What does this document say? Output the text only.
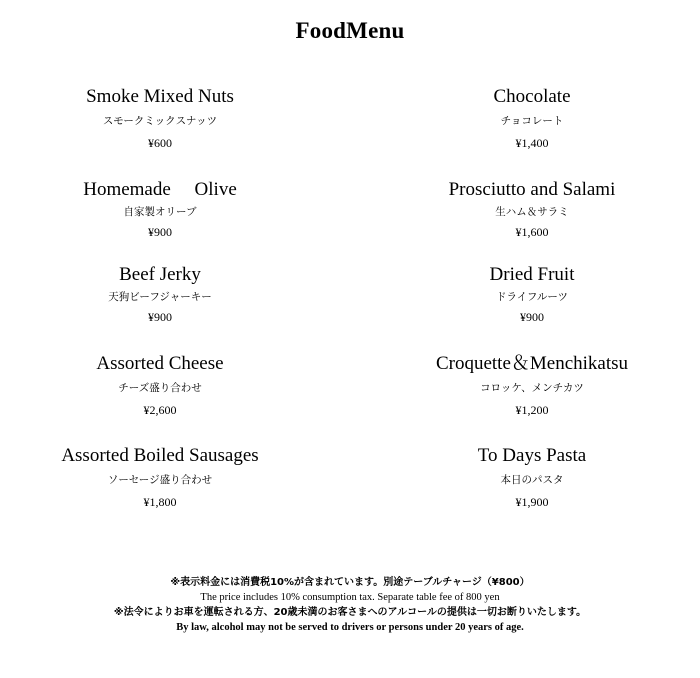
FoodMenu
Smoke Mixed Nuts
スモークミックスナッツ
¥600
Homemade　 Olive
自家製オリーブ
¥900
Beef Jerky
天狗ビーフジャーキー
¥900
Assorted Cheese
チーズ盛り合わせ
¥2,600
Assorted Boiled Sausages
ソーセージ盛り合わせ
¥1,800
Chocolate
チョコレート
¥1,400
Prosciutto and Salami
生ハム＆サラミ
¥1,600
Dried Fruit
ドライフルーツ
¥900
Croquette＆Menchikatsu
コロッケ、メンチカツ
¥1,200
To Days Pasta
本日のパスタ
¥1,900
※表示料金には消費税10%が含まれています。別途テーブルチャージ（¥800）
The price includes 10% consumption tax. Separate table fee of 800 yen
※法令によりお車を運転される方、20歳未満のお客さまへのアルコールの提供は一切お断りいたします。
By law, alcohol may not be served to drivers or persons under 20 years of age.
